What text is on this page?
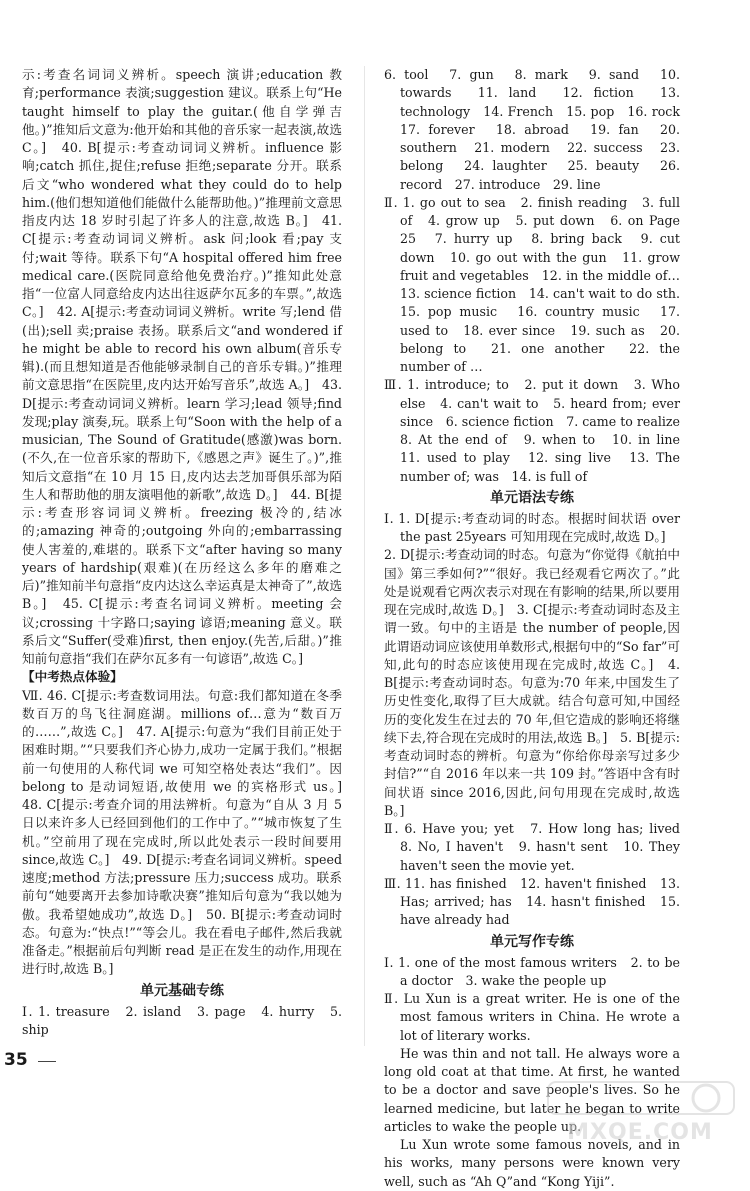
示:考查名词词义辨析。speech 演讲;education 教育;performance 表演;suggestion 建议。联系上句“He taught himself to play the guitar.(他自学弹吉他。)”推知后文意为:他开始和其他的音乐家一起表演,故选 C。]　40. B[提示:考查动词词义辨析。influence 影响;catch 抓住,捉住;refuse 拒绝;separate 分开。联系后文“who wondered what they could do to help him.(他们想知道他们能做什么能帮助他。)”推理前文意思指皮内达 18 岁时引起了许多人的注意,故选 B。]　41. C[提示:考查动词词义辨析。ask 问;look 看;pay 支付;wait 等待。联系下句“A hospital offered him free medical care.(医院同意给他免费治疗。)”推知此处意指“一位富人同意给皮内达出往返萨尔瓦多的车票。”,故选 C。]　42. A[提示:考查动词词义辨析。write 写;lend 借(出);sell 卖;praise 表扬。联系后文“and wondered if he might be able to record his own album(音乐专辑).(而且想知道是否他能够录制自己的音乐专辑。)”推理前文意思指“在医院里,皮内达开始写音乐”,故选 A。]　43. D[提示:考查动词词义辨析。learn 学习;lead 领导;find 发现;play 演奏,玩。联系上句“Soon with the help of a musician, The Sound of Gratitude(感激)was born.(不久,在一位音乐家的帮助下,《感恩之声》诞生了。)”,推知后文意指“在 10 月 15 日,皮内达去芝加哥俱乐部为陌生人和帮助他的朋友演唱他的新歌”,故选 D。]　44. B[提示:考查形容词词义辨析。freezing 极冷的,结冰的;amazing 神奇的;outgoing 外向的;embarrassing 使人害羞的,难堪的。联系下文“after having so many years of hardship(艰难)(在历经这么多年的磨难之后)”推知前半句意指“皮内达这么幸运真是太神奇了”,故选 B。]　45. C[提示:考查名词词义辨析。meeting 会议;crossing 十字路口;saying 谚语;meaning 意义。联系后文“Suffer(受难)first, then enjoy.(先苦,后甜。)”推知前句意指“我们在萨尔瓦多有一句谚语”,故选 C。]

【中考热点体验】

Ⅶ. 46. C[提示:考查数词用法。句意:我们都知道在冬季数百万的鸟飞往洞庭湖。millions of…意为“数百万的……”,故选 C。]　47. A[提示:句意为“我们目前正处于困难时期。”“只要我们齐心协力,成功一定属于我们。”根据前一句使用的人称代词 we 可知空格处表达“我们”。因 belong to 是动词短语,故使用 we 的宾格形式 us。]　48. C[提示:考查介词的用法辨析。句意为“自从 3 月 5 日以来许多人已经回到他们的工作中了。”“城市恢复了生机。”空前用了现在完成时,所以此处表示一段时间要用 since,故选 C。]　49. D[提示:考查名词词义辨析。speed 速度;method 方法;pressure 压力;success 成功。联系前句“她要离开去参加诗歌决赛”推知后句意为“我以她为傲。我希望她成功”,故选 D。]　50. B[提示:考查动词时态。句意为:“快点!”“等会儿。我在看电子邮件,然后我就准备走。”根据前后句判断 read 是正在发生的动作,用现在进行时,故选 B。]

单元基础专练

Ⅰ. 1. treasure　2. island　3. page　4. hurry　5. ship

6. tool　7. gun　8. mark　9. sand　10. towards　11. land　12. fiction　13. technology　14. French　15. pop　16. rock　17. forever　18. abroad　19. fan　20. southern　21. modern　22. success　23. belong　24. laughter　25. beauty　26. record　27. introduce　29. line

Ⅱ. 1. go out to sea　2. finish reading　3. full of　4. grow up　5. put down　6. on Page 25　7. hurry up　8. bring back　9. cut down　10. go out with the gun　11. grow fruit and vegetables　12. in the middle of…　13. science fiction　14. can't wait to do sth.　15. pop music　16. country music　17. used to　18. ever since　19. such as　20. belong to　21. one another　22. the number of …

Ⅲ. 1. introduce; to　2. put it down　3. Who else　4. can't wait to　5. heard from; ever since　6. science fiction　7. came to realize　8. At the end of　9. when to　10. in line　11. used to play　12. sing live　13. The number of; was　14. is full of

单元语法专练

Ⅰ. 1. D[提示:考查动词的时态。根据时间状语 over the past 25years 可知用现在完成时,故选 D。]

2. D[提示:考查动词的时态。句意为“你觉得《航拍中国》第三季如何?”“很好。我已经观看它两次了。”此处是说观看它两次表示对现在有影响的结果,所以要用现在完成时,故选 D。]　3. C[提示:考查动词时态及主谓一致。句中的主语是 the number of people,因此谓语动词应该使用单数形式,根据句中的“So far”可知,此句的时态应该使用现在完成时,故选 C。]　4. B[提示:考查动词时态。句意为:70 年来,中国发生了历史性变化,取得了巨大成就。结合句意可知,中国经历的变化发生在过去的 70 年,但它造成的影响还将继续下去,符合现在完成时的用法,故选 B。]　5. B[提示:考查动词时态的辨析。句意为“你给你母亲写过多少封信?”“自 2016 年以来一共 109 封。”答语中含有时间状语 since 2016,因此,问句用现在完成时,故选 B。]

Ⅱ. 6. Have you; yet　7. How long has; lived　8. No, I haven't　9. hasn't sent　10. They haven't seen the movie yet.

Ⅲ. 11. has finished　12. haven't finished　13. Has; arrived; has　14. hasn't finished　15. have already had

单元写作专练

Ⅰ. 1. one of the most famous writers　2. to be a doctor　3. wake the people up

Ⅱ. Lu Xun is a great writer. He is one of the most famous writers in China. He wrote a lot of literary works.

He was thin and not tall. He always wore a long old coat at that time. At first, he wanted to be a doctor and save people's lives. So he learned medicine, but later he began to write articles to wake the people up.

Lu Xun wrote some famous novels, and in his works, many persons were known very well, such as “Ah Q”and “Kong Yiji”.

35
MXQE.COM
